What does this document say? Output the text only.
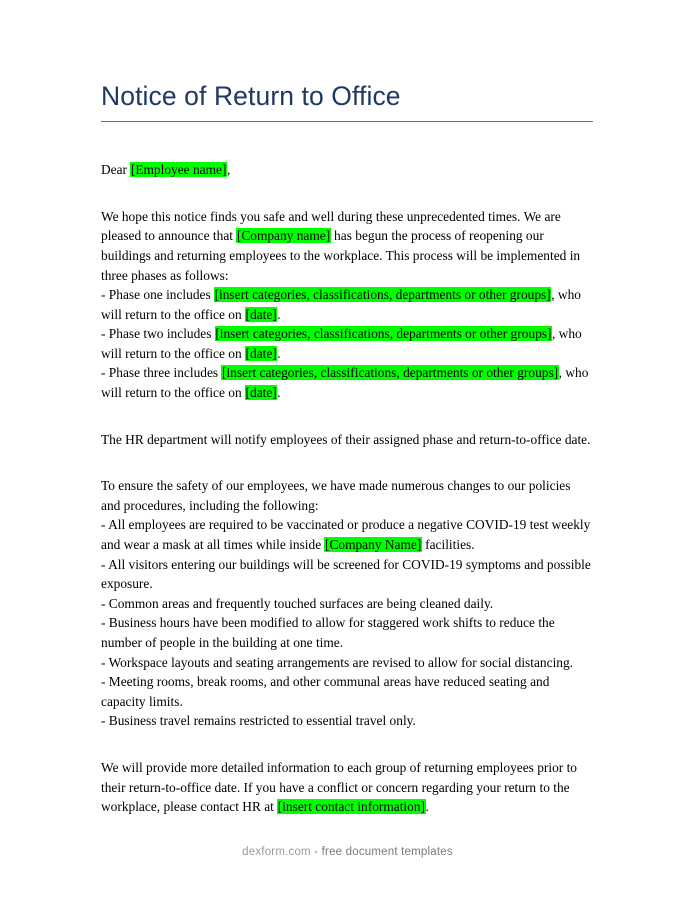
Notice of Return to Office

Dear [Employee name],

We hope this notice finds you safe and well during these unprecedented times. We are pleased to announce that [Company name] has begun the process of reopening our buildings and returning employees to the workplace. This process will be implemented in three phases as follows:

- Phase one includes [insert categories, classifications, departments or other groups], who will return to the office on [date].
- Phase two includes [insert categories, classifications, departments or other groups], who will return to the office on [date].
- Phase three includes [insert categories, classifications, departments or other groups], who will return to the office on [date].

The HR department will notify employees of their assigned phase and return-to-office date.

To ensure the safety of our employees, we have made numerous changes to our policies and procedures, including the following:

- All employees are required to be vaccinated or produce a negative COVID-19 test weekly and wear a mask at all times while inside [Company Name] facilities.
- All visitors entering our buildings will be screened for COVID-19 symptoms and possible exposure.
- Common areas and frequently touched surfaces are being cleaned daily.
- Business hours have been modified to allow for staggered work shifts to reduce the number of people in the building at one time.
- Workspace layouts and seating arrangements are revised to allow for social distancing.
- Meeting rooms, break rooms, and other communal areas have reduced seating and capacity limits.
- Business travel remains restricted to essential travel only.

We will provide more detailed information to each group of returning employees prior to their return-to-office date. If you have a conflict or concern regarding your return to the workplace, please contact HR at [insert contact information].

dexform.com - free document templates
